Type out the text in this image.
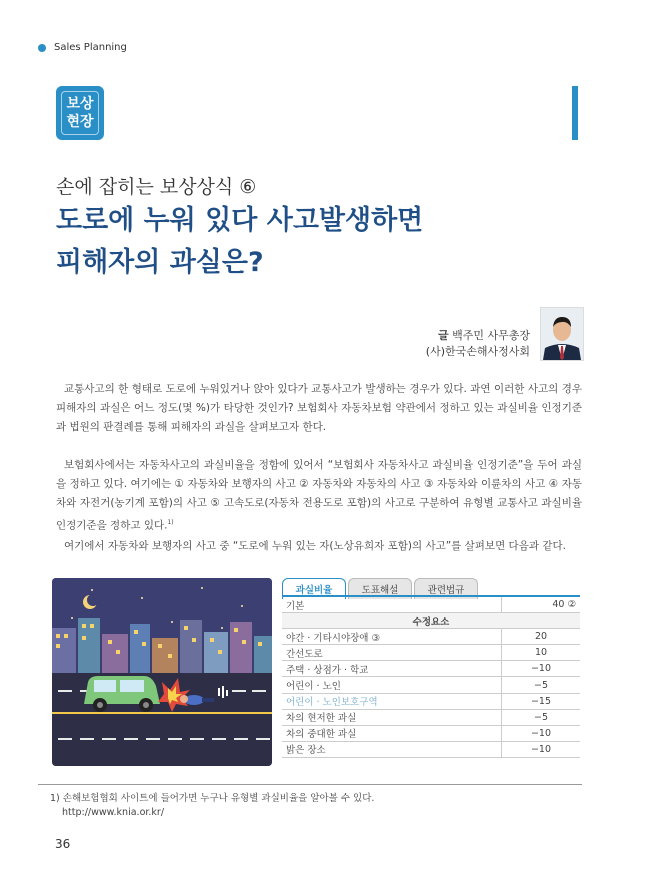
Sales Planning
보상
현장
손에 잡히는 보상상식 ⑥
도로에 누워 있다 사고발생하면
피해자의 과실은?
글 백주민 사무총장
(사)한국손해사정사회

교통사고의 한 형태로 도로에 누워있거나 앉아 있다가 교통사고가 발생하는 경우가 있다. 과연 이러한 사고의 경우 피해자의 과실은 어느 정도(몇 %)가 타당한 것인가? 보험회사 자동차보험 약관에서 정하고 있는 과실비율 인정기준과 법원의 판결례를 통해 피해자의 과실을 살펴보고자 한다.

보험회사에서는 자동차사고의 과실비율을 정함에 있어서 “보험회사 자동차사고 과실비율 인정기준”을 두어 과실을 정하고 있다. 여기에는 ① 자동차와 보행자의 사고 ② 자동차와 자동차의 사고 ③ 자동차와 이륜차의 사고 ④ 자동차와 자전거(농기계 포함)의 사고 ⑤ 고속도로(자동차 전용도로 포함)의 사고로 구분하여 유형별 교통사고 과실비율 인정기준을 정하고 있다.$^{1)}$

여기에서 자동차와 보행자의 사고 중 “도로에 누워 있는 자(노상유희자 포함)의 사고”를 살펴보면 다음과 같다.

과실비율	도표해설	관련법규
기본	40 ②
수정요소	
야간 · 기타시야장애 ③	20
간선도로	10
주택 · 상점가 · 학교	−10
어린이 · 노인	−5
어린이 · 노인보호구역	−15
차의 현저한 과실	−5
차의 중대한 과실	−10
밝은 장소	−10
1) 손해보험협회 사이트에 들어가면 누구나 유형별 과실비율을 알아볼 수 있다.
http://www.knia.or.kr/
36
